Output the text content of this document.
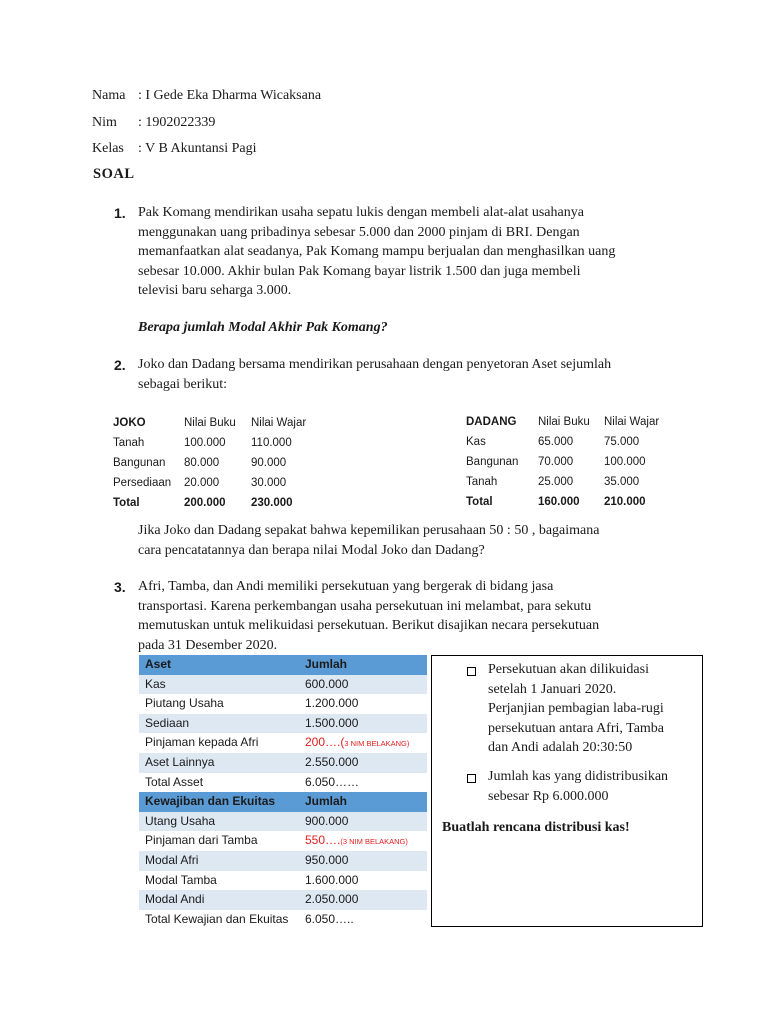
Nama : I Gede Eka Dharma Wicaksana
Nim : 1902022339
Kelas : V B Akuntansi Pagi
SOAL
1. Pak Komang mendirikan usaha sepatu lukis dengan membeli alat-alat usahanya
menggunakan uang pribadinya sebesar 5.000 dan 2000 pinjam di BRI. Dengan
memanfaatkan alat seadanya, Pak Komang mampu berjualan dan menghasilkan uang
sebesar 10.000. Akhir bulan Pak Komang bayar listrik 1.500 dan juga membeli
televisi baru seharga 3.000.
Berapa jumlah Modal Akhir Pak Komang?
2. Joko dan Dadang bersama mendirikan perusahaan dengan penyetoran Aset sejumlah
sebagai berikut:
JOKO	Nilai Buku Nilai Wajar
Tanah	100.000 110.000
Bangunan 80.000	90.000
Persediaan 20.000	30.000
Total	200.000 230.000
DADANG Nilai Buku Nilai Wajar
Kas	65.000	75.000
Bangunan 70.000	100.000
Tanah	25.000	35.000
Total	160.000 210.000
Jika Joko dan Dadang sepakat bahwa kepemilikan perusahaan 50 : 50 , bagaimana
cara pencatatannya dan berapa nilai Modal Joko dan Dadang?
3. Afri, Tamba, dan Andi memiliki persekutuan yang bergerak di bidang jasa
transportasi. Karena perkembangan usaha persekutuan ini melambat, para sekutu
memutuskan untuk melikuidasi persekutuan. Berikut disajikan necara persekutuan
pada 31 Desember 2020.
Aset	Jumlah
Kas	600.000
Piutang Usaha	1.200.000
Sediaan	1.500.000
Pinjaman kepada Afri	200….(3 NIM BELAKANG)
Aset Lainnya	2.550.000
Total Asset	6.050……
Kewajiban dan Ekuitas Jumlah
Utang Usaha	900.000
Pinjaman dari Tamba	550….(3 NIM BELAKANG)
Modal Afri	950.000
Modal Tamba	1.600.000
Modal Andi	2.050.000
Total Kewajian dan Ekuitas 6.050…..
Persekutuan akan dilikuidasi
setelah 1 Januari 2020.
Perjanjian pembagian laba-rugi
persekutuan antara Afri, Tamba
dan Andi adalah 20:30:50
Jumlah kas yang didistribusikan
sebesar Rp 6.000.000
Buatlah rencana distribusi kas!
